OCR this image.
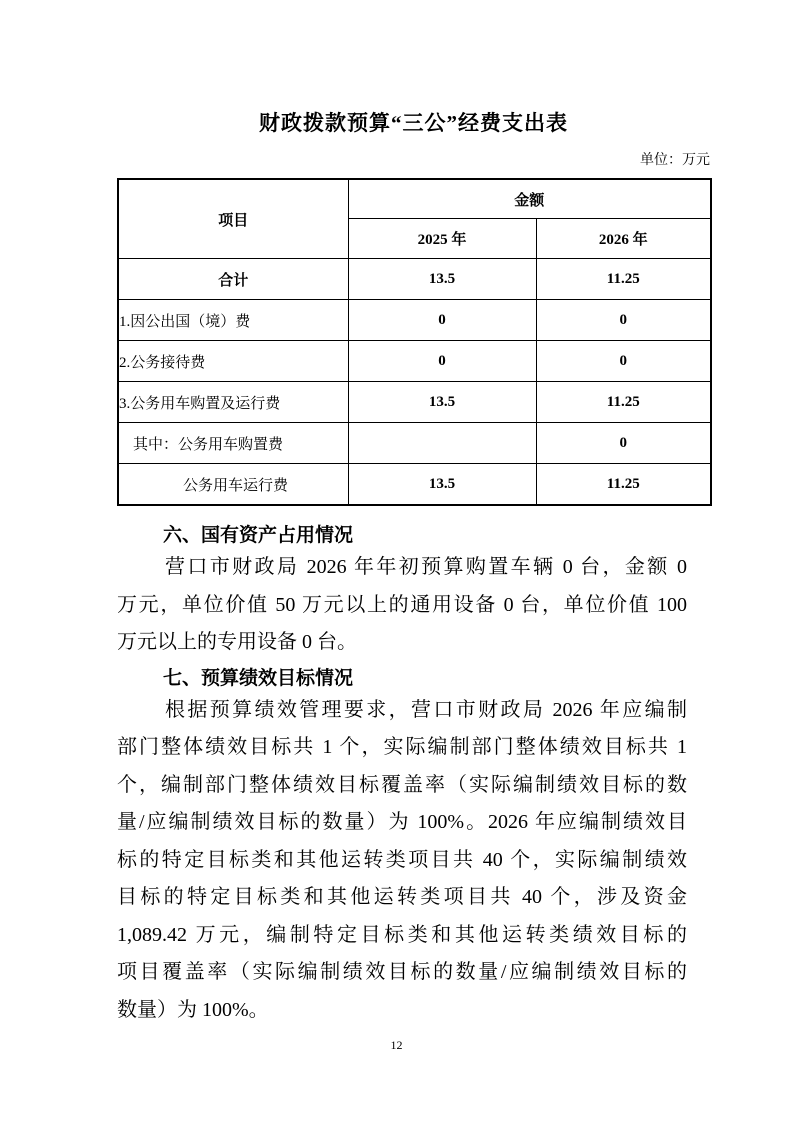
财政拨款预算“三公”经费支出表
单位：万元
项目	金额	
	2025 年	2026 年
合计	13.5	11.25
1.因公出国（境）费	0	0
2.公务接待费	0	0
3.公务用车购置及运行费	13.5	11.25
其中：公务用车购置费		0
公务用车运行费	13.5	11.25
六、国有资产占用情况
营口市财政局 2026 年年初预算购置车辆 0 台，金额 0
万元，单位价值 50 万元以上的通用设备 0 台，单位价值 100
万元以上的专用设备 0 台。
七、预算绩效目标情况
根据预算绩效管理要求，营口市财政局 2026 年应编制
部门整体绩效目标共 1 个，实际编制部门整体绩效目标共 1
个，编制部门整体绩效目标覆盖率（实际编制绩效目标的数
量/应编制绩效目标的数量）为 100%。2026 年应编制绩效目
标的特定目标类和其他运转类项目共 40 个，实际编制绩效
目标的特定目标类和其他运转类项目共 40 个，涉及资金
1,089.42 万元，编制特定目标类和其他运转类绩效目标的
项目覆盖率（实际编制绩效目标的数量/应编制绩效目标的
数量）为 100%。
12
